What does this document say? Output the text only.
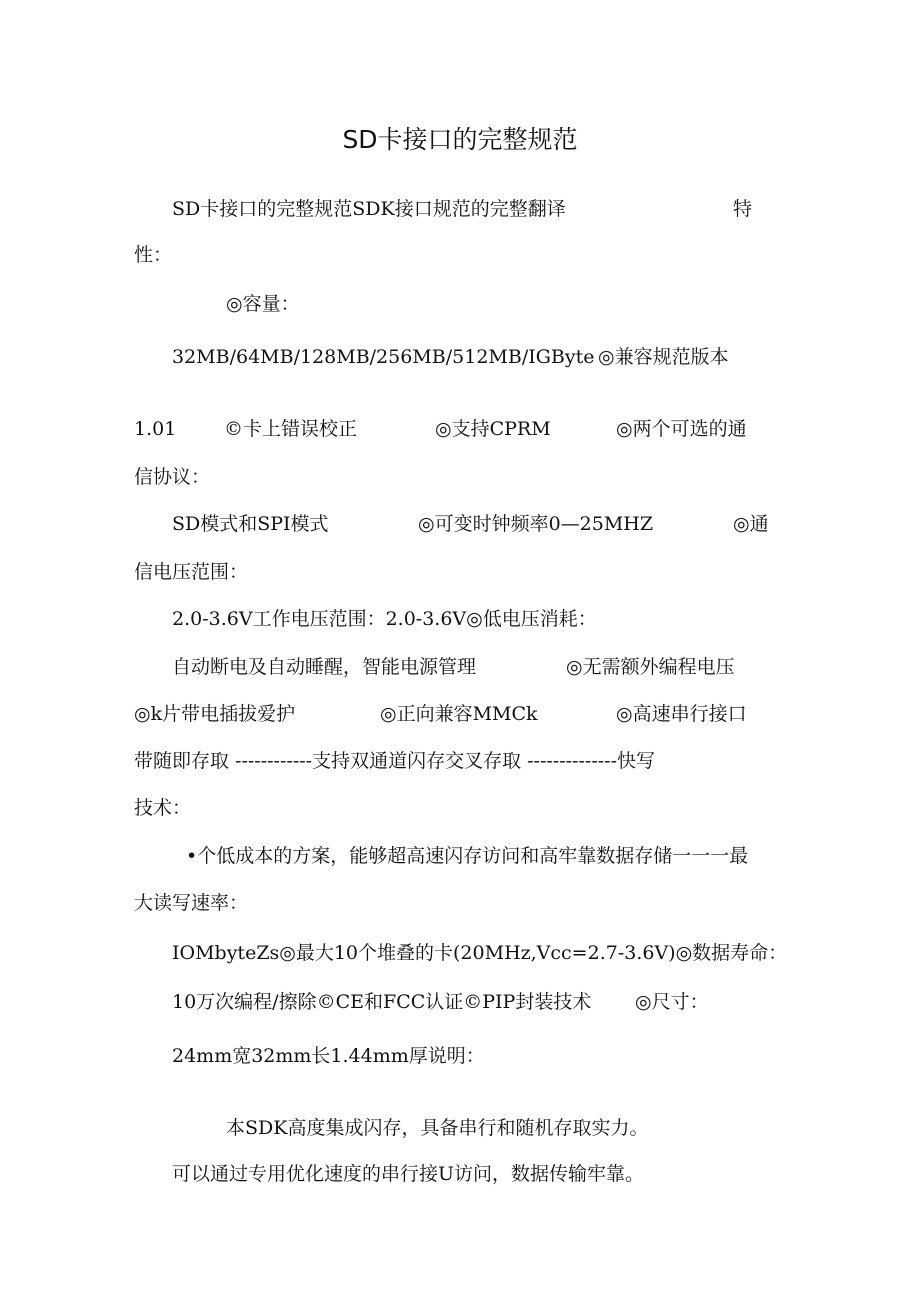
SD卡接口的完整规范

SD卡接口的完整规范SDK接口规范的完整翻译	特

性：

◎容量：

32MB/64MB/128MB/256MB/512MB/IGByte ◎兼容规范版本

1.01	©卡上错误校正	◎支持CPRM	◎两个可选的通

信协议：

SD模式和SPI模式	◎可变时钟频率0—25MHZ	◎通

信电压范围：

2.0-3.6V工作电压范围：2.0-3.6V◎低电压消耗：

自动断电及自动睡醒，智能电源管理	◎无需额外编程电压

◎k片带电插拔爱护	◎正向兼容MMCk	◎高速串行接口

带随即存取 ------------支持双通道闪存交叉存取 --------------快写

技术：

•个低成本的方案，能够超高速闪存访问和高牢靠数据存储一一一最

大读写速率：

IOMbyteZs◎最大10个堆叠的卡(20MHz,Vcc=2.7-3.6V)◎数据寿命：

10万次编程/擦除©CE和FCC认证©PIP封装技术 ◎尺寸：

24mm宽32mm长1.44mm厚说明：

本SDK高度集成闪存，具备串行和随机存取实力。

可以通过专用优化速度的串行接U访问，数据传输牢靠。
